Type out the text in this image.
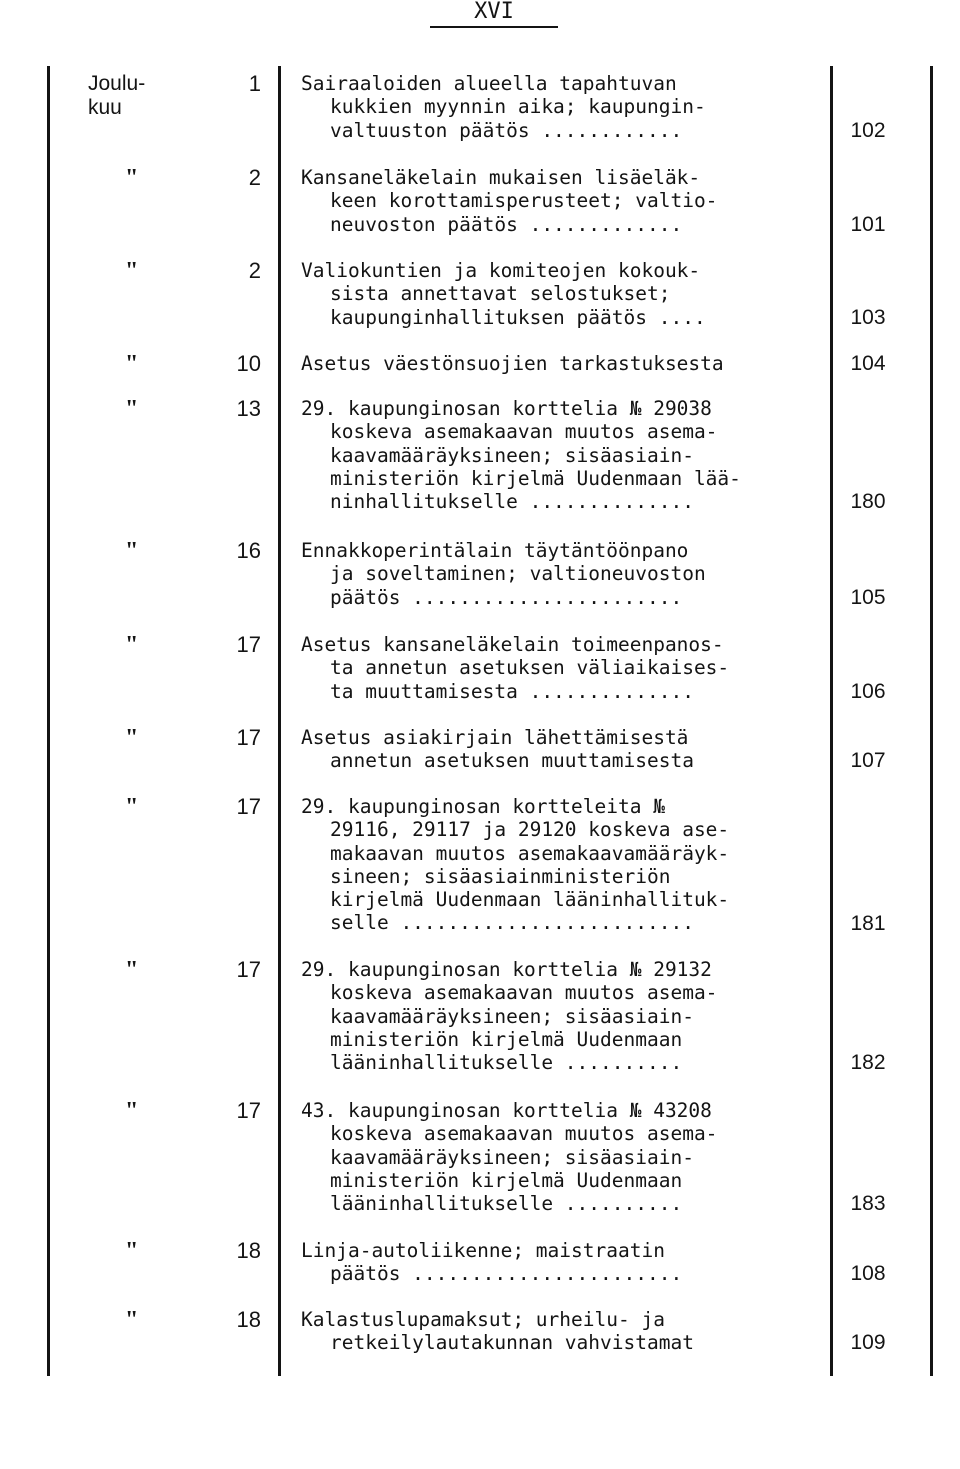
XVI
Joulu-
kuu
1 Sairaaloiden alueella tapahtuvan
kukkien myynnin aika; kaupungin-
valtuuston päätös ............	102
"	2 Kansaneläkelain mukaisen lisäeläk-
keen korottamisperusteet; valtio-
neuvoston päätös .............	101
"	2 Valiokuntien ja komiteojen kokouk-
sista annettavat selostukset;
kaupunginhallituksen päätös ....	103
"	10 Asetus väestönsuojien tarkastuksesta	104
"	13 29. kaupunginosan korttelia № 29038
koskeva asemakaavan muutos asema-
kaavamääräyksineen; sisäasiain-
ministeriön kirjelmä Uudenmaan lää-
ninhallitukselle ..............	180
"	16 Ennakkoperintälain täytäntöönpano
ja soveltaminen; valtioneuvoston
päätös .......................	105
"	17 Asetus kansaneläkelain toimeenpanos-
ta annetun asetuksen väliaikaises-
ta muuttamisesta ..............	106
"	17 Asetus asiakirjain lähettämisestä
annetun asetuksen muuttamisesta	107
"	17 29. kaupunginosan kortteleita №
29116, 29117 ja 29120 koskeva ase-
makaavan muutos asemakaavamääräyk-
sineen; sisäasiainministeriön
kirjelmä Uudenmaan lääninhallituk-
selle .........................	181
"	17 29. kaupunginosan korttelia № 29132
koskeva asemakaavan muutos asema-
kaavamääräyksineen; sisäasiain-
ministeriön kirjelmä Uudenmaan
lääninhallitukselle ..........	182
"	17 43. kaupunginosan korttelia № 43208
koskeva asemakaavan muutos asema-
kaavamääräyksineen; sisäasiain-
ministeriön kirjelmä Uudenmaan
lääninhallitukselle ..........	183
"	18 Linja-autoliikenne; maistraatin
päätös .......................	108
"	18 Kalastuslupamaksut; urheilu- ja
retkeilylautakunnan vahvistamat	109
